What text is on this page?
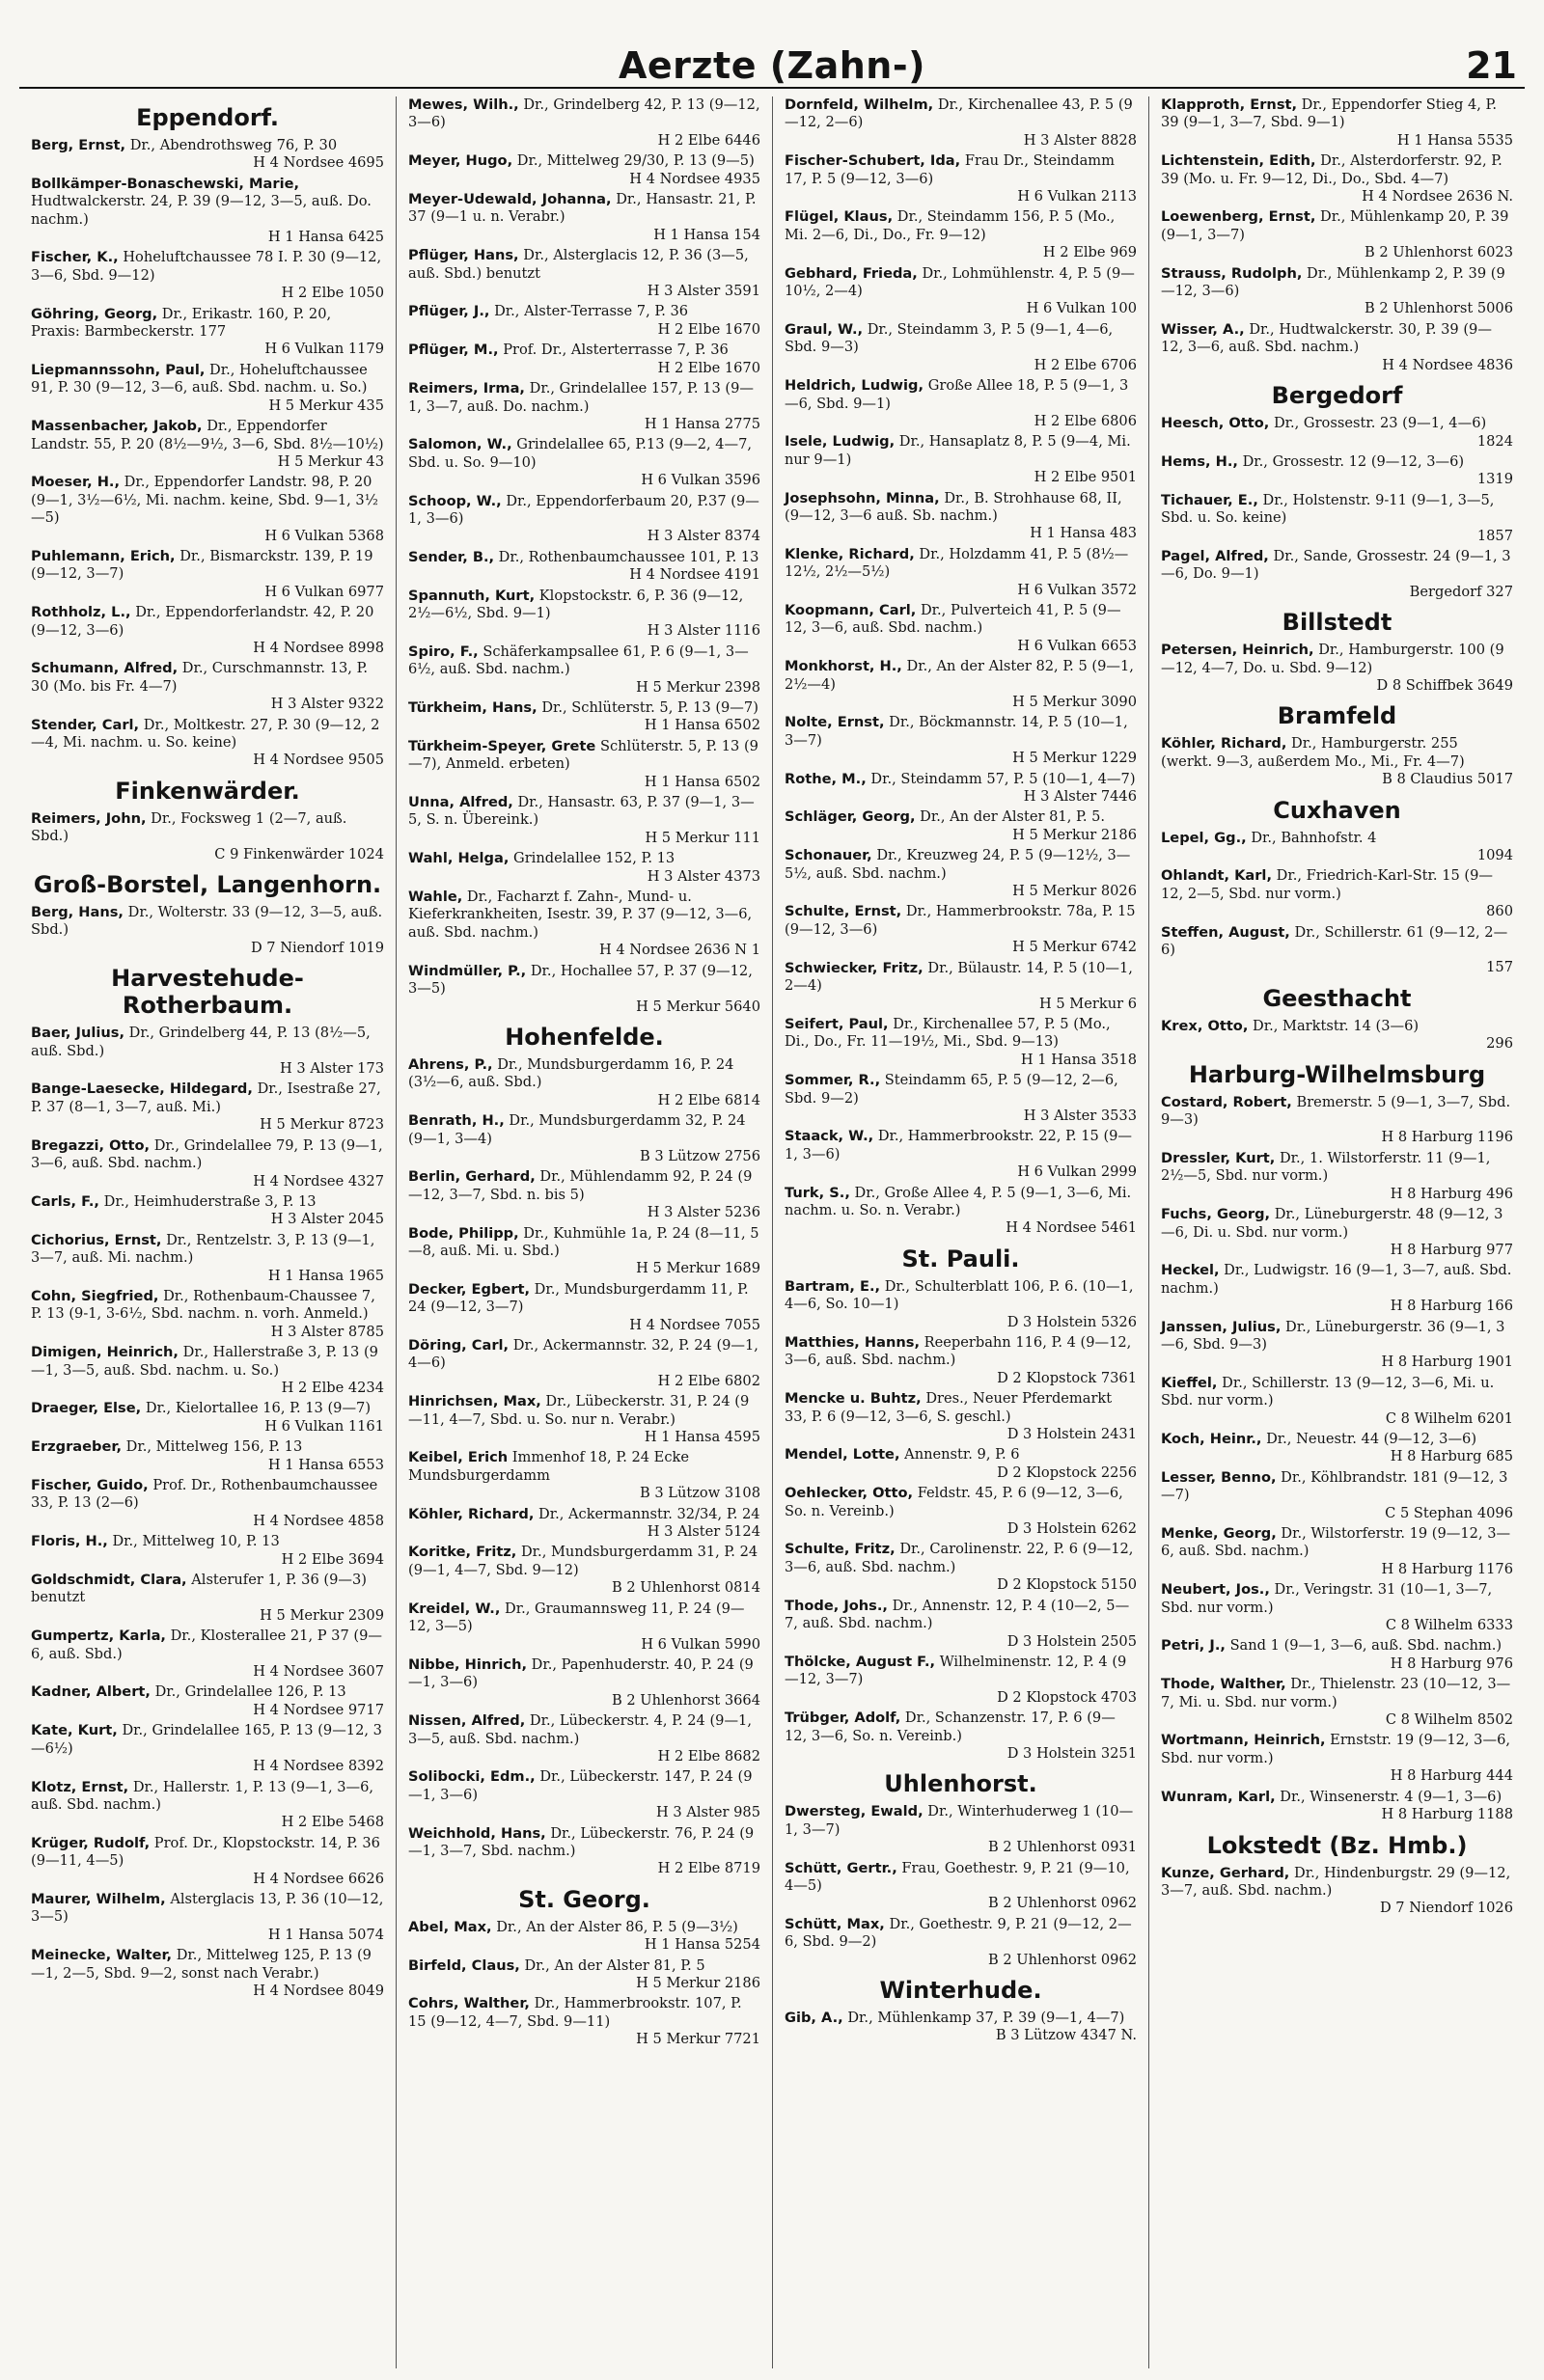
Aerzte (Zahn-)	21
Eppendorf.
Berg, Ernst, Dr., Abendrothsweg 76, P. 30
H 4 Nordsee 4695
Bollkämper-Bonaschewski, Marie, Hudtwalckerstr. 24, P. 39 (9—12, 3—5, auß. Do. nachm.)
H 1 Hansa 6425
Fischer, K., Hoheluftchaussee 78 I. P. 30 (9—12, 3—6, Sbd. 9—12)
H 2 Elbe 1050
Göhring, Georg, Dr., Erikastr. 160, P. 20, Praxis: Barmbeckerstr. 177
H 6 Vulkan 1179
Liepmannssohn, Paul, Dr., Hoheluftchaussee 91, P. 30 (9—12, 3—6, auß. Sbd. nachm. u. So.)
H 5 Merkur 435
Massenbacher, Jakob, Dr., Eppendorfer Landstr. 55, P. 20 (8½—9½, 3—6, Sbd. 8½—10½)
H 5 Merkur 43
Moeser, H., Dr., Eppendorfer Landstr. 98, P. 20 (9—1, 3½—6½, Mi. nachm. keine, Sbd. 9—1, 3½—5)
H 6 Vulkan 5368
Puhlemann, Erich, Dr., Bismarckstr. 139, P. 19 (9—12, 3—7)
H 6 Vulkan 6977
Rothholz, L., Dr., Eppendorferlandstr. 42, P. 20 (9—12, 3—6)
H 4 Nordsee 8998
Schumann, Alfred, Dr., Curschmannstr. 13, P. 30 (Mo. bis Fr. 4—7)
H 3 Alster 9322
Stender, Carl, Dr., Moltkestr. 27, P. 30 (9—12, 2—4, Mi. nachm. u. So. keine)
H 4 Nordsee 9505
Finkenwärder.
Reimers, John, Dr., Focksweg 1 (2—7, auß. Sbd.)
C 9 Finkenwärder 1024
Groß-Borstel, Langenhorn.
Berg, Hans, Dr., Wolterstr. 33 (9—12, 3—5, auß. Sbd.)
D 7 Niendorf 1019
Harvestehude-Rotherbaum.
Baer, Julius, Dr., Grindelberg 44, P. 13 (8½—5, auß. Sbd.)
H 3 Alster 173
Bange-Laesecke, Hildegard, Dr., Isestraße 27, P. 37 (8—1, 3—7, auß. Mi.)
H 5 Merkur 8723
Bregazzi, Otto, Dr., Grindelallee 79, P. 13 (9—1, 3—6, auß. Sbd. nachm.)
H 4 Nordsee 4327
Carls, F., Dr., Heimhuderstraße 3, P. 13
H 3 Alster 2045
Cichorius, Ernst, Dr., Rentzelstr. 3, P. 13 (9—1, 3—7, auß. Mi. nachm.)
H 1 Hansa 1965
Cohn, Siegfried, Dr., Rothenbaum-Chaussee 7, P. 13 (9-1, 3-6½, Sbd. nachm. n. vorh. Anmeld.)
H 3 Alster 8785
Dimigen, Heinrich, Dr., Hallerstraße 3, P. 13 (9—1, 3—5, auß. Sbd. nachm. u. So.)
H 2 Elbe 4234
Draeger, Else, Dr., Kielortallee 16, P. 13 (9—7)
H 6 Vulkan 1161
Erzgraeber, Dr., Mittelweg 156, P. 13
H 1 Hansa 6553
Fischer, Guido, Prof. Dr., Rothenbaumchaussee 33, P. 13 (2—6)
H 4 Nordsee 4858
Floris, H., Dr., Mittelweg 10, P. 13
H 2 Elbe 3694
Goldschmidt, Clara, Alsterufer 1, P. 36 (9—3) benutzt
H 5 Merkur 2309
Gumpertz, Karla, Dr., Klosterallee 21, P 37 (9—6, auß. Sbd.)
H 4 Nordsee 3607
Kadner, Albert, Dr., Grindelallee 126, P. 13
H 4 Nordsee 9717
Kate, Kurt, Dr., Grindelallee 165, P. 13 (9—12, 3—6½)
H 4 Nordsee 8392
Klotz, Ernst, Dr., Hallerstr. 1, P. 13 (9—1, 3—6, auß. Sbd. nachm.)
H 2 Elbe 5468
Krüger, Rudolf, Prof. Dr., Klopstockstr. 14, P. 36 (9—11, 4—5)
H 4 Nordsee 6626
Maurer, Wilhelm, Alsterglacis 13, P. 36 (10—12, 3—5)
H 1 Hansa 5074
Meinecke, Walter, Dr., Mittelweg 125, P. 13 (9—1, 2—5, Sbd. 9—2, sonst nach Verabr.)
H 4 Nordsee 8049
Mewes, Wilh., Dr., Grindelberg 42, P. 13 (9—12, 3—6)
H 2 Elbe 6446
Meyer, Hugo, Dr., Mittelweg 29/30, P. 13 (9—5)
H 4 Nordsee 4935
Meyer-Udewald, Johanna, Dr., Hansastr. 21, P. 37 (9—1 u. n. Verabr.)
H 1 Hansa 154
Pflüger, Hans, Dr., Alsterglacis 12, P. 36 (3—5, auß. Sbd.) benutzt
H 3 Alster 3591
Pflüger, J., Dr., Alster-Terrasse 7, P. 36
H 2 Elbe 1670
Pflüger, M., Prof. Dr., Alsterterrasse 7, P. 36
H 2 Elbe 1670
Reimers, Irma, Dr., Grindelallee 157, P. 13 (9—1, 3—7, auß. Do. nachm.)
H 1 Hansa 2775
Salomon, W., Grindelallee 65, P.13 (9—2, 4—7, Sbd. u. So. 9—10)
H 6 Vulkan 3596
Schoop, W., Dr., Eppendorferbaum 20, P.37 (9—1, 3—6)
H 3 Alster 8374
Sender, B., Dr., Rothenbaumchaussee 101, P. 13
H 4 Nordsee 4191
Spannuth, Kurt, Klopstockstr. 6, P. 36 (9—12, 2½—6½, Sbd. 9—1)
H 3 Alster 1116
Spiro, F., Schäferkampsallee 61, P. 6 (9—1, 3—6½, auß. Sbd. nachm.)
H 5 Merkur 2398
Türkheim, Hans, Dr., Schlüterstr. 5, P. 13 (9—7)
H 1 Hansa 6502
Türkheim-Speyer, Grete Schlüterstr. 5, P. 13 (9—7), Anmeld. erbeten)
H 1 Hansa 6502
Unna, Alfred, Dr., Hansastr. 63, P. 37 (9—1, 3—5, S. n. Übereink.)
H 5 Merkur 111
Wahl, Helga, Grindelallee 152, P. 13
H 3 Alster 4373
Wahle, Dr., Facharzt f. Zahn-, Mund- u. Kieferkrankheiten, Isestr. 39, P. 37 (9—12, 3—6, auß. Sbd. nachm.)
H 4 Nordsee 2636 N 1
Windmüller, P., Dr., Hochallee 57, P. 37 (9—12, 3—5)
H 5 Merkur 5640
Hohenfelde.
Ahrens, P., Dr., Mundsburgerdamm 16, P. 24 (3½—6, auß. Sbd.)
H 2 Elbe 6814
Benrath, H., Dr., Mundsburgerdamm 32, P. 24 (9—1, 3—4)
B 3 Lützow 2756
Berlin, Gerhard, Dr., Mühlendamm 92, P. 24 (9—12, 3—7, Sbd. n. bis 5)
H 3 Alster 5236
Bode, Philipp, Dr., Kuhmühle 1a, P. 24 (8—11, 5—8, auß. Mi. u. Sbd.)
H 5 Merkur 1689
Decker, Egbert, Dr., Mundsburgerdamm 11, P. 24 (9—12, 3—7)
H 4 Nordsee 7055
Döring, Carl, Dr., Ackermannstr. 32, P. 24 (9—1, 4—6)
H 2 Elbe 6802
Hinrichsen, Max, Dr., Lübeckerstr. 31, P. 24 (9—11, 4—7, Sbd. u. So. nur n. Verabr.)
H 1 Hansa 4595
Keibel, Erich Immenhof 18, P. 24 Ecke Mundsburgerdamm
B 3 Lützow 3108
Köhler, Richard, Dr., Ackermannstr. 32/34, P. 24
H 3 Alster 5124
Koritke, Fritz, Dr., Mundsburgerdamm 31, P. 24 (9—1, 4—7, Sbd. 9—12)
B 2 Uhlenhorst 0814
Kreidel, W., Dr., Graumannsweg 11, P. 24 (9—12, 3—5)
H 6 Vulkan 5990
Nibbe, Hinrich, Dr., Papenhuderstr. 40, P. 24 (9—1, 3—6)
B 2 Uhlenhorst 3664
Nissen, Alfred, Dr., Lübeckerstr. 4, P. 24 (9—1, 3—5, auß. Sbd. nachm.)
H 2 Elbe 8682
Solibocki, Edm., Dr., Lübeckerstr. 147, P. 24 (9—1, 3—6)
H 3 Alster 985
Weichhold, Hans, Dr., Lübeckerstr. 76, P. 24 (9—1, 3—7, Sbd. nachm.)
H 2 Elbe 8719
St. Georg.
Abel, Max, Dr., An der Alster 86, P. 5 (9—3½)
H 1 Hansa 5254
Birfeld, Claus, Dr., An der Alster 81, P. 5
H 5 Merkur 2186
Cohrs, Walther, Dr., Hammerbrookstr. 107, P. 15 (9—12, 4—7, Sbd. 9—11)
H 5 Merkur 7721
Dornfeld, Wilhelm, Dr., Kirchenallee 43, P. 5 (9—12, 2—6)
H 3 Alster 8828
Fischer-Schubert, Ida, Frau Dr., Steindamm 17, P. 5 (9—12, 3—6)
H 6 Vulkan 2113
Flügel, Klaus, Dr., Steindamm 156, P. 5 (Mo., Mi. 2—6, Di., Do., Fr. 9—12)
H 2 Elbe 969
Gebhard, Frieda, Dr., Lohmühlenstr. 4, P. 5 (9—10½, 2—4)
H 6 Vulkan 100
Graul, W., Dr., Steindamm 3, P. 5 (9—1, 4—6, Sbd. 9—3)
H 2 Elbe 6706
Heldrich, Ludwig, Große Allee 18, P. 5 (9—1, 3—6, Sbd. 9—1)
H 2 Elbe 6806
Isele, Ludwig, Dr., Hansaplatz 8, P. 5 (9—4, Mi. nur 9—1)
H 2 Elbe 9501
Josephsohn, Minna, Dr., B. Strohhause 68, II, (9—12, 3—6 auß. Sb. nachm.)
H 1 Hansa 483
Klenke, Richard, Dr., Holzdamm 41, P. 5 (8½—12½, 2½—5½)
H 6 Vulkan 3572
Koopmann, Carl, Dr., Pulverteich 41, P. 5 (9—12, 3—6, auß. Sbd. nachm.)
H 6 Vulkan 6653
Monkhorst, H., Dr., An der Alster 82, P. 5 (9—1, 2½—4)
H 5 Merkur 3090
Nolte, Ernst, Dr., Böckmannstr. 14, P. 5 (10—1, 3—7)
H 5 Merkur 1229
Rothe, M., Dr., Steindamm 57, P. 5 (10—1, 4—7)
H 3 Alster 7446
Schläger, Georg, Dr., An der Alster 81, P. 5.
H 5 Merkur 2186
Schonauer, Dr., Kreuzweg 24, P. 5 (9—12½, 3—5½, auß. Sbd. nachm.)
H 5 Merkur 8026
Schulte, Ernst, Dr., Hammerbrookstr. 78a, P. 15 (9—12, 3—6)
H 5 Merkur 6742
Schwiecker, Fritz, Dr., Bülaustr. 14, P. 5 (10—1, 2—4)
H 5 Merkur 6
Seifert, Paul, Dr., Kirchenallee 57, P. 5 (Mo., Di., Do., Fr. 11—19½, Mi., Sbd. 9—13)
H 1 Hansa 3518
Sommer, R., Steindamm 65, P. 5 (9—12, 2—6, Sbd. 9—2)
H 3 Alster 3533
Staack, W., Dr., Hammerbrookstr. 22, P. 15 (9—1, 3—6)
H 6 Vulkan 2999
Turk, S., Dr., Große Allee 4, P. 5 (9—1, 3—6, Mi. nachm. u. So. n. Verabr.)
H 4 Nordsee 5461
St. Pauli.
Bartram, E., Dr., Schulterblatt 106, P. 6. (10—1, 4—6, So. 10—1)
D 3 Holstein 5326
Matthies, Hanns, Reeperbahn 116, P. 4 (9—12, 3—6, auß. Sbd. nachm.)
D 2 Klopstock 7361
Mencke u. Buhtz, Dres., Neuer Pferdemarkt 33, P. 6 (9—12, 3—6, S. geschl.)
D 3 Holstein 2431
Mendel, Lotte, Annenstr. 9, P. 6
D 2 Klopstock 2256
Oehlecker, Otto, Feldstr. 45, P. 6 (9—12, 3—6, So. n. Vereinb.)
D 3 Holstein 6262
Schulte, Fritz, Dr., Carolinenstr. 22, P. 6 (9—12, 3—6, auß. Sbd. nachm.)
D 2 Klopstock 5150
Thode, Johs., Dr., Annenstr. 12, P. 4 (10—2, 5—7, auß. Sbd. nachm.)
D 3 Holstein 2505
Thölcke, August F., Wilhelminenstr. 12, P. 4 (9—12, 3—7)
D 2 Klopstock 4703
Trübger, Adolf, Dr., Schanzenstr. 17, P. 6 (9—12, 3—6, So. n. Vereinb.)
D 3 Holstein 3251
Uhlenhorst.
Dwersteg, Ewald, Dr., Winterhuderweg 1 (10—1, 3—7)
B 2 Uhlenhorst 0931
Schütt, Gertr., Frau, Goethestr. 9, P. 21 (9—10, 4—5)
B 2 Uhlenhorst 0962
Schütt, Max, Dr., Goethestr. 9, P. 21 (9—12, 2—6, Sbd. 9—2)
B 2 Uhlenhorst 0962
Winterhude.
Gib, A., Dr., Mühlenkamp 37, P. 39 (9—1, 4—7)
B 3 Lützow 4347 N.
Klapproth, Ernst, Dr., Eppendorfer Stieg 4, P. 39 (9—1, 3—7, Sbd. 9—1)
H 1 Hansa 5535
Lichtenstein, Edith, Dr., Alsterdorferstr. 92, P. 39 (Mo. u. Fr. 9—12, Di., Do., Sbd. 4—7)
H 4 Nordsee 2636 N.
Loewenberg, Ernst, Dr., Mühlenkamp 20, P. 39 (9—1, 3—7)
B 2 Uhlenhorst 6023
Strauss, Rudolph, Dr., Mühlenkamp 2, P. 39 (9—12, 3—6)
B 2 Uhlenhorst 5006
Wisser, A., Dr., Hudtwalckerstr. 30, P. 39 (9—12, 3—6, auß. Sbd. nachm.)
H 4 Nordsee 4836
Bergedorf
Heesch, Otto, Dr., Grossestr. 23 (9—1, 4—6)
1824
Hems, H., Dr., Grossestr. 12 (9—12, 3—6)
1319
Tichauer, E., Dr., Holstenstr. 9-11 (9—1, 3—5, Sbd. u. So. keine)
1857
Pagel, Alfred, Dr., Sande, Grossestr. 24 (9—1, 3—6, Do. 9—1)
Bergedorf 327
Billstedt
Petersen, Heinrich, Dr., Hamburgerstr. 100 (9—12, 4—7, Do. u. Sbd. 9—12)
D 8 Schiffbek 3649
Bramfeld
Köhler, Richard, Dr., Hamburgerstr. 255 (werkt. 9—3, außerdem Mo., Mi., Fr. 4—7)
B 8 Claudius 5017
Cuxhaven
Lepel, Gg., Dr., Bahnhofstr. 4
1094
Ohlandt, Karl, Dr., Friedrich-Karl-Str. 15 (9—12, 2—5, Sbd. nur vorm.)
860
Steffen, August, Dr., Schillerstr. 61 (9—12, 2—6)
157
Geesthacht
Krex, Otto, Dr., Marktstr. 14 (3—6)
296
Harburg-Wilhelmsburg
Costard, Robert, Bremerstr. 5 (9—1, 3—7, Sbd. 9—3)
H 8 Harburg 1196
Dressler, Kurt, Dr., 1. Wilstorferstr. 11 (9—1, 2½—5, Sbd. nur vorm.)
H 8 Harburg 496
Fuchs, Georg, Dr., Lüneburgerstr. 48 (9—12, 3—6, Di. u. Sbd. nur vorm.)
H 8 Harburg 977
Heckel, Dr., Ludwigstr. 16 (9—1, 3—7, auß. Sbd. nachm.)
H 8 Harburg 166
Janssen, Julius, Dr., Lüneburgerstr. 36 (9—1, 3—6, Sbd. 9—3)
H 8 Harburg 1901
Kieffel, Dr., Schillerstr. 13 (9—12, 3—6, Mi. u. Sbd. nur vorm.)
C 8 Wilhelm 6201
Koch, Heinr., Dr., Neuestr. 44 (9—12, 3—6)
H 8 Harburg 685
Lesser, Benno, Dr., Köhlbrandstr. 181 (9—12, 3—7)
C 5 Stephan 4096
Menke, Georg, Dr., Wilstorferstr. 19 (9—12, 3—6, auß. Sbd. nachm.)
H 8 Harburg 1176
Neubert, Jos., Dr., Veringstr. 31 (10—1, 3—7, Sbd. nur vorm.)
C 8 Wilhelm 6333
Petri, J., Sand 1 (9—1, 3—6, auß. Sbd. nachm.)
H 8 Harburg 976
Thode, Walther, Dr., Thielenstr. 23 (10—12, 3—7, Mi. u. Sbd. nur vorm.)
C 8 Wilhelm 8502
Wortmann, Heinrich, Ernststr. 19 (9—12, 3—6, Sbd. nur vorm.)
H 8 Harburg 444
Wunram, Karl, Dr., Winsenerstr. 4 (9—1, 3—6)
H 8 Harburg 1188
Lokstedt (Bz. Hmb.)
Kunze, Gerhard, Dr., Hindenburgstr. 29 (9—12, 3—7, auß. Sbd. nachm.)
D 7 Niendorf 1026
